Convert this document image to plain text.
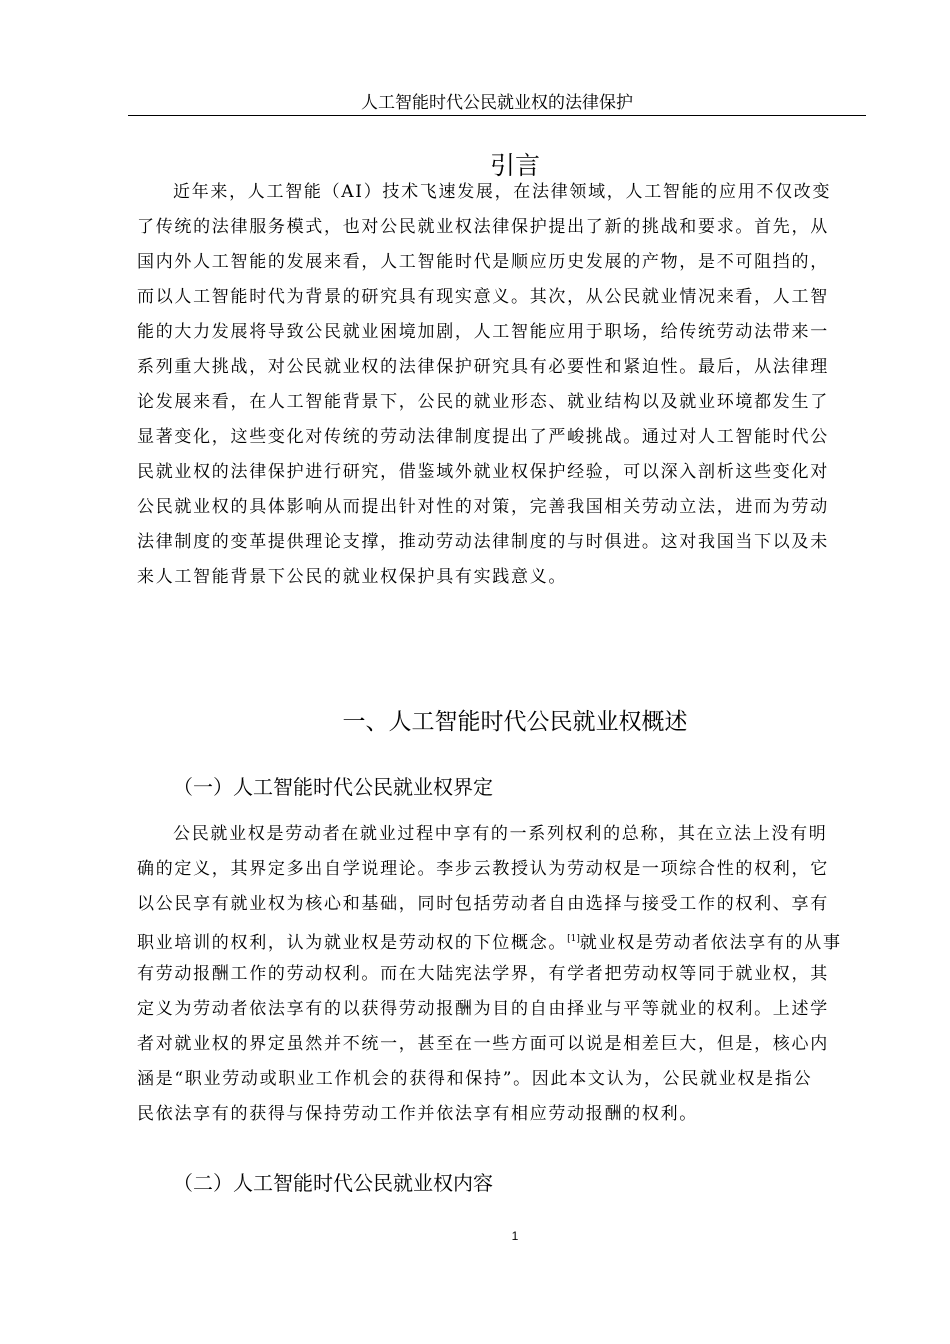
人工智能时代公民就业权的法律保护
引言
近年来，人工智能（AI）技术飞速发展，在法律领域，人工智能的应用不仅改变
了传统的法律服务模式，也对公民就业权法律保护提出了新的挑战和要求。首先，从
国内外人工智能的发展来看，人工智能时代是顺应历史发展的产物，是不可阻挡的，
而以人工智能时代为背景的研究具有现实意义。其次，从公民就业情况来看，人工智
能的大力发展将导致公民就业困境加剧，人工智能应用于职场，给传统劳动法带来一
系列重大挑战，对公民就业权的法律保护研究具有必要性和紧迫性。最后，从法律理
论发展来看，在人工智能背景下，公民的就业形态、就业结构以及就业环境都发生了
显著变化，这些变化对传统的劳动法律制度提出了严峻挑战。通过对人工智能时代公
民就业权的法律保护进行研究，借鉴域外就业权保护经验，可以深入剖析这些变化对
公民就业权的具体影响从而提出针对性的对策，完善我国相关劳动立法，进而为劳动
法律制度的变革提供理论支撑，推动劳动法律制度的与时俱进。这对我国当下以及未
来人工智能背景下公民的就业权保护具有实践意义。
一、人工智能时代公民就业权概述
（一）人工智能时代公民就业权界定
公民就业权是劳动者在就业过程中享有的一系列权利的总称，其在立法上没有明
确的定义，其界定多出自学说理论。李步云教授认为劳动权是一项综合性的权利，它
以公民享有就业权为核心和基础，同时包括劳动者自由选择与接受工作的权利、享有
职业培训的权利，认为就业权是劳动权的下位概念。[1]就业权是劳动者依法享有的从事
有劳动报酬工作的劳动权利。而在大陆宪法学界，有学者把劳动权等同于就业权，其
定义为劳动者依法享有的以获得劳动报酬为目的自由择业与平等就业的权利。上述学
者对就业权的界定虽然并不统一，甚至在一些方面可以说是相差巨大，但是，核心内
涵是“职业劳动或职业工作机会的获得和保持”。因此本文认为，公民就业权是指公
民依法享有的获得与保持劳动工作并依法享有相应劳动报酬的权利。
（二）人工智能时代公民就业权内容
1
